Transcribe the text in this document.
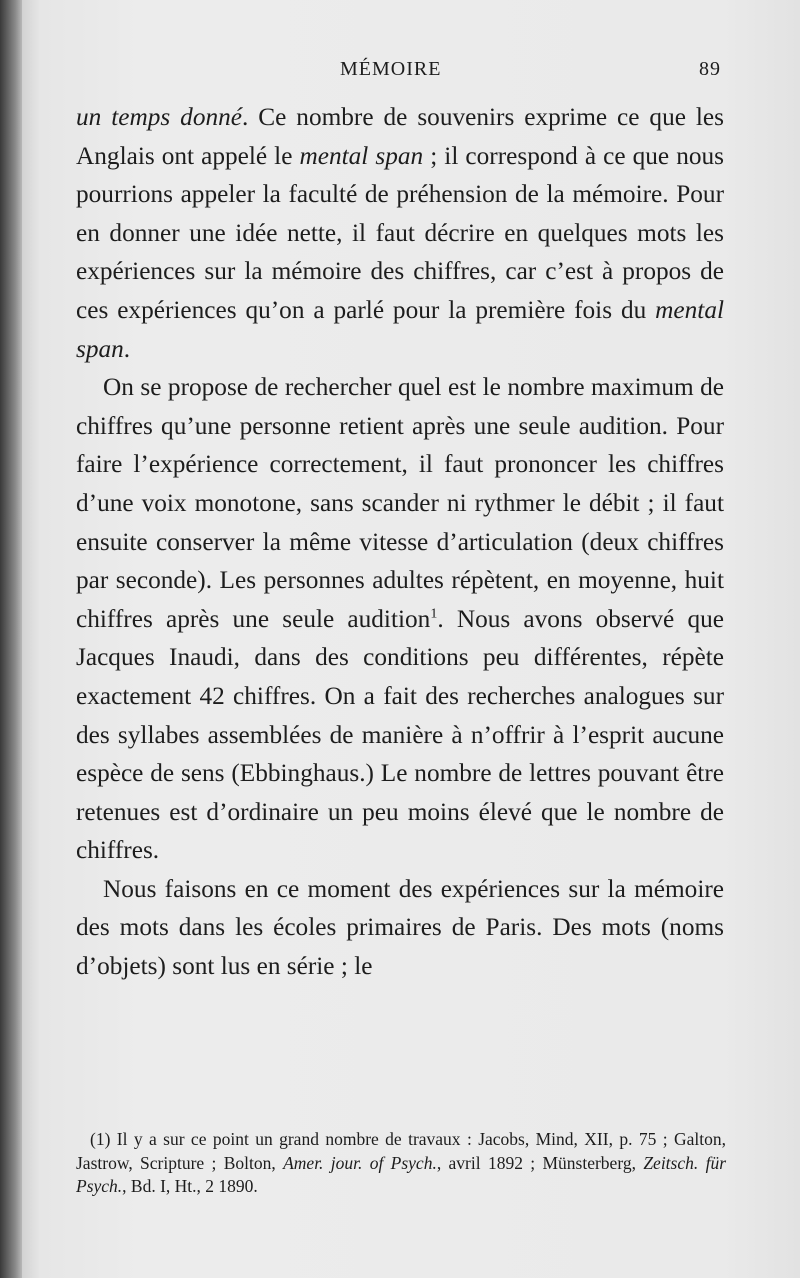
MÉMOIRE	89

un temps donné. Ce nombre de souvenirs exprime ce que les Anglais ont appelé le mental span ; il correspond à ce que nous pourrions appeler la faculté de préhension de la mémoire. Pour en donner une idée nette, il faut décrire en quelques mots les expériences sur la mémoire des chiffres, car c’est à propos de ces expériences qu’on a parlé pour la première fois du mental span.

On se propose de rechercher quel est le nombre maximum de chiffres qu’une personne retient après une seule audition. Pour faire l’expérience correctement, il faut prononcer les chiffres d’une voix monotone, sans scander ni rythmer le débit ; il faut ensuite conserver la même vitesse d’articulation (deux chiffres par seconde). Les personnes adultes répètent, en moyenne, huit chiffres après une seule audition$^1$. Nous avons observé que Jacques Inaudi, dans des conditions peu différentes, répète exactement 42 chiffres. On a fait des recherches analogues sur des syllabes assemblées de manière à n’offrir à l’esprit aucune espèce de sens (Ebbinghaus.) Le nombre de lettres pouvant être retenues est d’ordinaire un peu moins élevé que le nombre de chiffres.

Nous faisons en ce moment des expériences sur la mémoire des mots dans les écoles primaires de Paris. Des mots (noms d’objets) sont lus en série ; le

(1) Il y a sur ce point un grand nombre de travaux : Jacobs, Mind, XII, p. 75 ; Galton, Jastrow, Scripture ; Bolton, Amer. jour. of Psych., avril 1892 ; Münsterberg, Zeitsch. für Psych., Bd. I, Ht., 2 1890.
